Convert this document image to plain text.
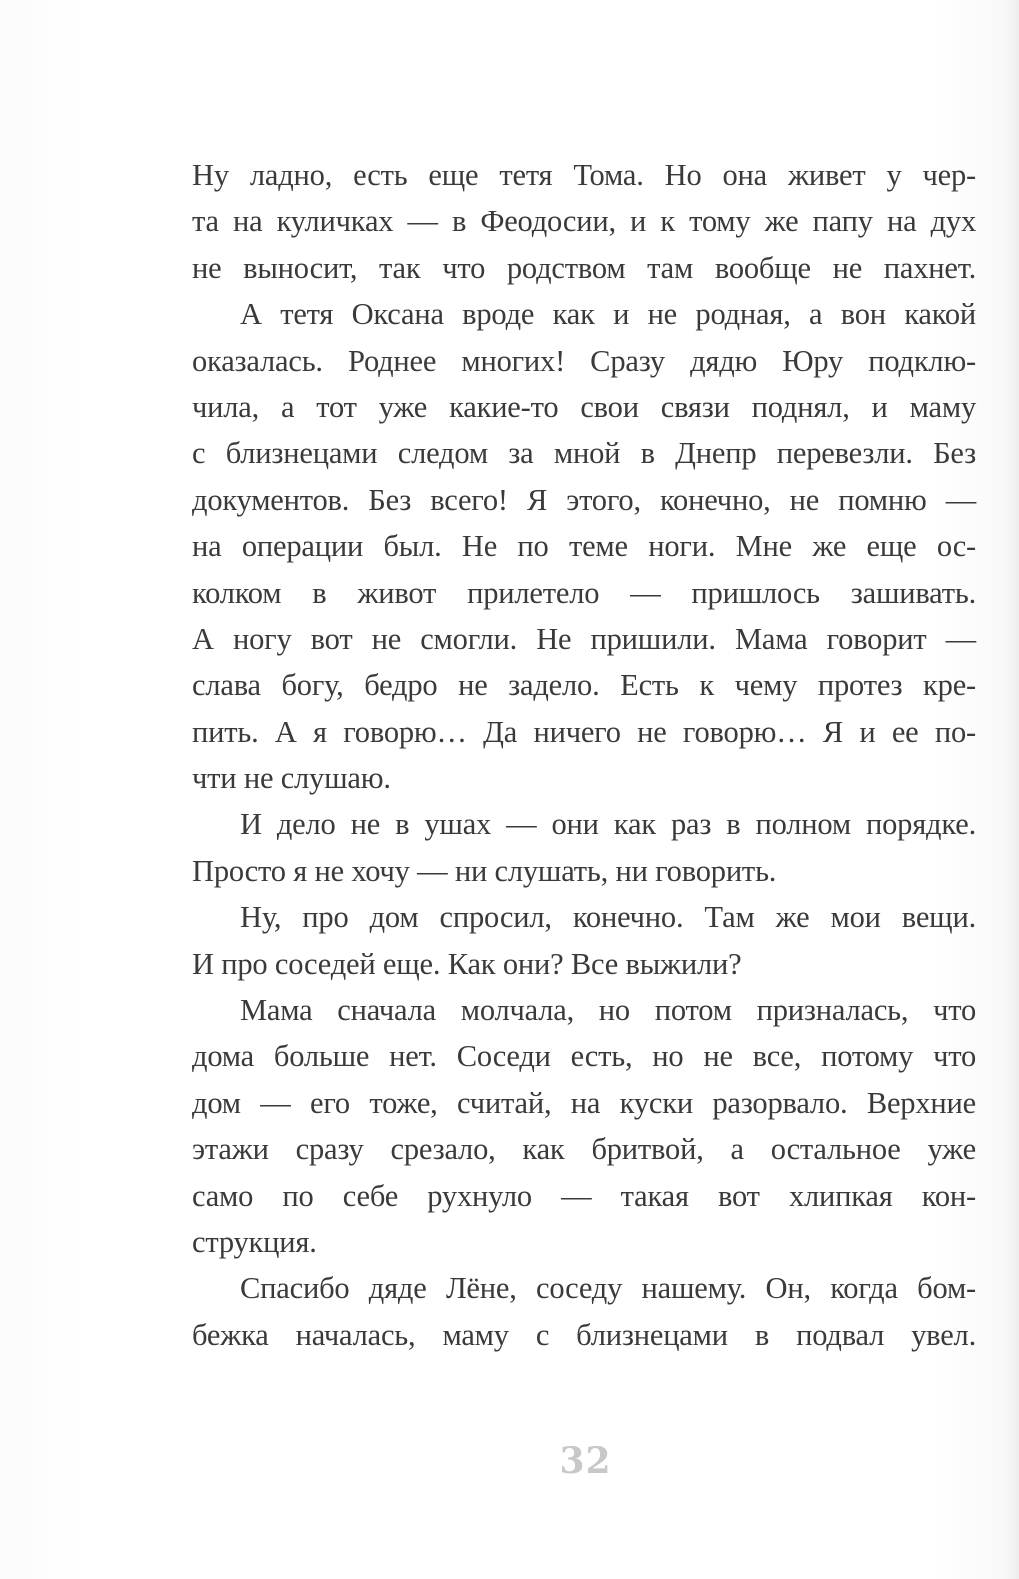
Ну ладно, есть еще тетя Тома. Но она живет у чер-
та на куличках — в Феодосии, и к тому же папу на дух
не выносит, так что родством там вообще не пахнет.
А тетя Оксана вроде как и не родная, а вон какой
оказалась. Роднее многих! Сразу дядю Юру подклю-
чила, а тот уже какие-то свои связи поднял, и маму
с близнецами следом за мной в Днепр перевезли. Без
документов. Без всего! Я этого, конечно, не помню —
на операции был. Не по теме ноги. Мне же еще ос-
колком в живот прилетело — пришлось зашивать.
А ногу вот не смогли. Не пришили. Мама говорит —
слава богу, бедро не задело. Есть к чему протез кре-
пить. А я говорю… Да ничего не говорю… Я и ее по-
чти не слушаю.
И дело не в ушах — они как раз в полном порядке.
Просто я не хочу — ни слушать, ни говорить.
Ну, про дом спросил, конечно. Там же мои вещи.
И про соседей еще. Как они? Все выжили?
Мама сначала молчала, но потом призналась, что
дома больше нет. Соседи есть, но не все, потому что
дом — его тоже, считай, на куски разорвало. Верхние
этажи сразу срезало, как бритвой, а остальное уже
само по себе рухнуло — такая вот хлипкая кон-
струкция.
Спасибо дяде Лёне, соседу нашему. Он, когда бом-
бежка началась, маму с близнецами в подвал увел.
32
